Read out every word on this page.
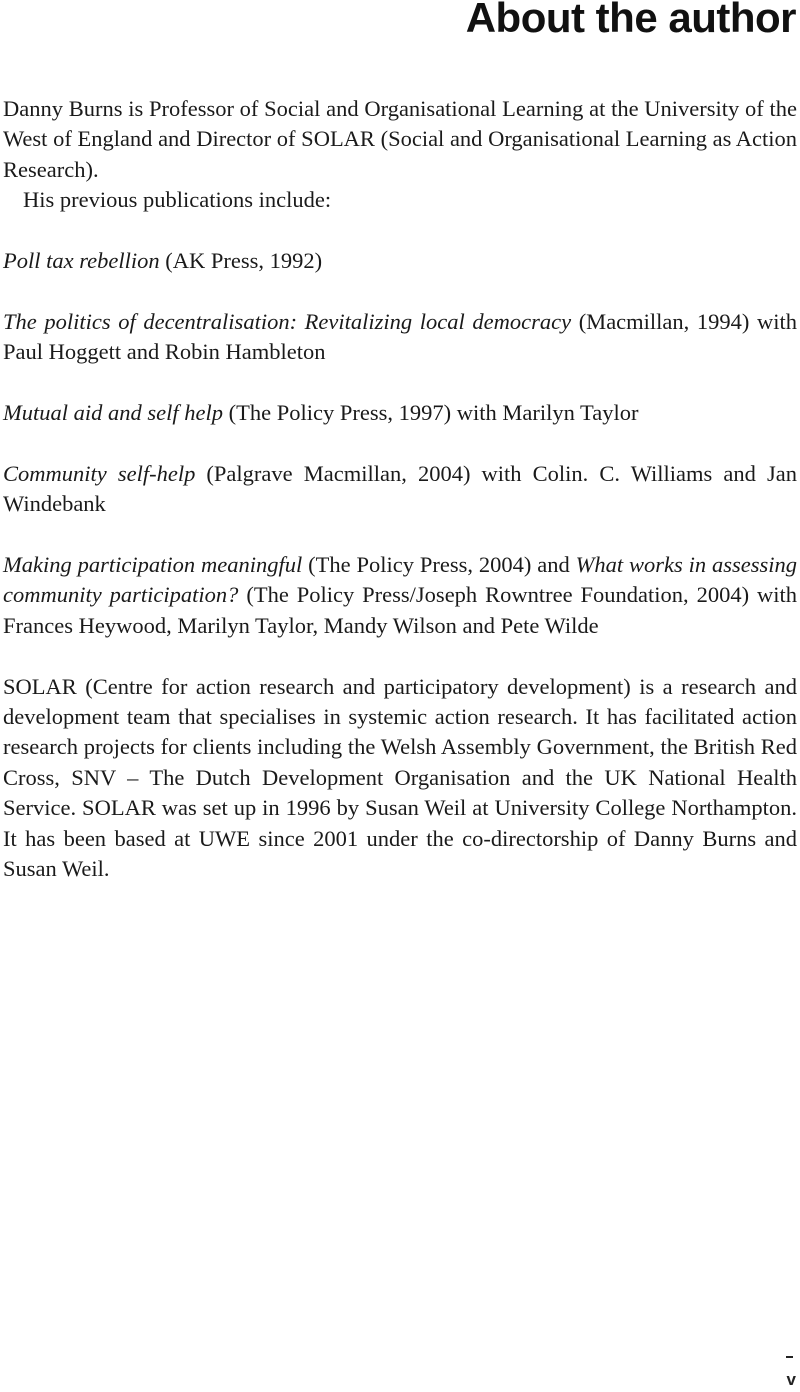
About the author

Danny Burns is Professor of Social and Organisational Learning at the University of the West of England and Director of SOLAR (Social and Organisational Learning as Action Research).

His previous publications include:

Poll tax rebellion (AK Press, 1992)

The politics of decentralisation: Revitalizing local democracy (Macmillan, 1994) with Paul Hoggett and Robin Hambleton

Mutual aid and self help (The Policy Press, 1997) with Marilyn Taylor

Community self-help (Palgrave Macmillan, 2004) with Colin. C. Williams and Jan Windebank

Making participation meaningful (The Policy Press, 2004) and What works in assessing community participation? (The Policy Press/Joseph Rowntree Foundation, 2004) with Frances Heywood, Marilyn Taylor, Mandy Wilson and Pete Wilde

SOLAR (Centre for action research and participatory development) is a research and development team that specialises in systemic action research. It has facilitated action research projects for clients including the Welsh Assembly Government, the British Red Cross, SNV – The Dutch Development Organisation and the UK National Health Service. SOLAR was set up in 1996 by Susan Weil at University College Northampton. It has been based at UWE since 2001 under the co-directorship of Danny Burns and Susan Weil.

v
